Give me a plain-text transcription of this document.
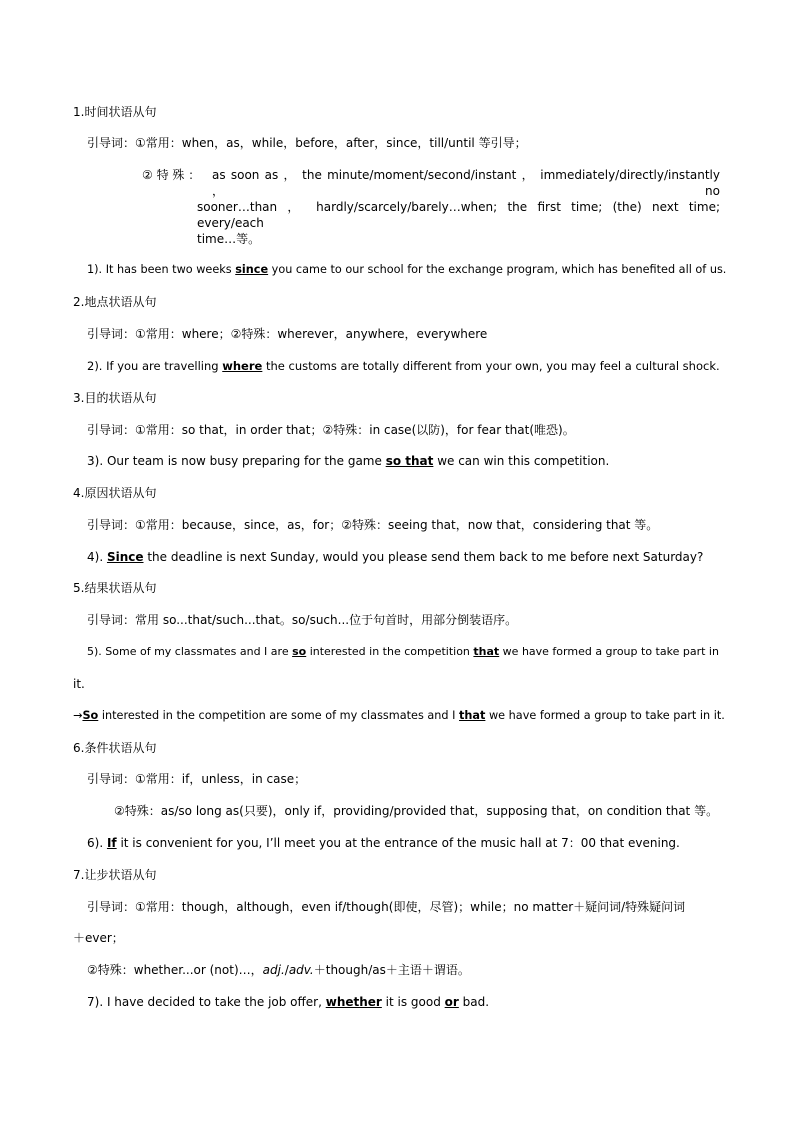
1.时间状语从句
引导词：①常用：when，as，while，before，after，since，till/until 等引导；
② 特 殊 ： as soon as ， the minute/moment/second/instant ， immediately/directly/instantly ， no
sooner…than ， hardly/scarcely/barely…when; the first time; (the) next time; every/each
time…等。
1). It has been two weeks since you came to our school for the exchange program, which has benefited all of us.
2.地点状语从句
引导词：①常用：where；②特殊：wherever，anywhere，everywhere
2). If you are travelling where the customs are totally different from your own, you may feel a cultural shock.
3.目的状语从句
引导词：①常用：so that，in order that；②特殊：in case(以防)，for fear that(唯恐)。
3). Our team is now busy preparing for the game so that we can win this competition.
4.原因状语从句
引导词：①常用：because，since，as，for；②特殊：seeing that，now that，considering that 等。
4). Since the deadline is next Sunday, would you please send them back to me before next Saturday?
5.结果状语从句
引导词：常用 so...that/such...that。so/such...位于句首时，用部分倒装语序。
5). Some of my classmates and I are so interested in the competition that we have formed a group to take part in
it.
→So interested in the competition are some of my classmates and I that we have formed a group to take part in it.
6.条件状语从句
引导词：①常用：if，unless，in case；
②特殊：as/so long as(只要)，only if，providing/provided that，supposing that，on condition that 等。
6). If it is convenient for you, I’ll meet you at the entrance of the music hall at 7：00 that evening.
7.让步状语从句
引导词：①常用：though，although，even if/though(即使，尽管)；while；no matter＋疑问词/特殊疑问词
＋ever；
②特殊：whether...or (not)…，adj./adv.＋though/as＋主语＋谓语。
7). I have decided to take the job offer, whether it is good or bad.
